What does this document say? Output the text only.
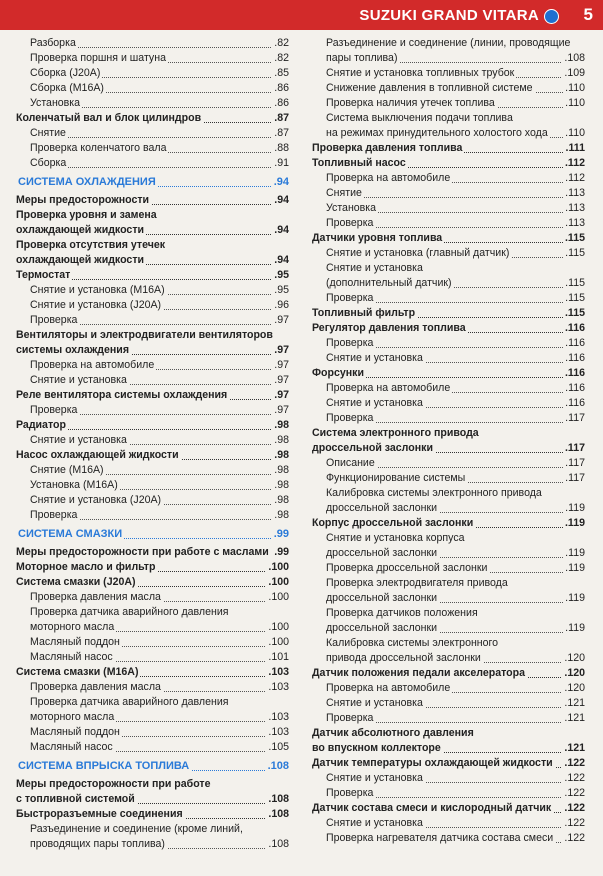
SUZUKI GRAND VITARA	5
Разборка	.82
Проверка поршня и шатуна	.82
Сборка (J20A)	.85
Сборка (M16A)	.86
Установка	.86
Коленчатый вал и блок цилиндров	.87
Снятие	.87
Проверка коленчатого вала	.88
Сборка	.91
СИСТЕМА ОХЛАЖДЕНИЯ	.94
Меры предосторожности	.94
Проверка уровня и замена
охлаждающей жидкости	.94
Проверка отсутствия утечек
охлаждающей жидкости	.94
Термостат	.95
Снятие и установка (M16A)	.95
Снятие и установка (J20A)	.96
Проверка	.97
Вентиляторы и электродвигатели вентиляторов
системы охлаждения	.97
Проверка на автомобиле	.97
Снятие и установка	.97
Реле вентилятора системы охлаждения	.97
Проверка	.97
Радиатор	.98
Снятие и установка	.98
Насос охлаждающей жидкости	.98
Снятие (M16A)	.98
Установка (M16A)	.98
Снятие и установка (J20A)	.98
Проверка	.98
СИСТЕМА СМАЗКИ	.99
Меры предосторожности при работе с маслами .99
Моторное масло и фильтр	.100
Система смазки (J20A)	.100
Проверка давления масла	.100
Проверка датчика аварийного давления
моторного масла	.100
Масляный поддон	.100
Масляный насос	.101
Система смазки (M16A)	.103
Проверка давления масла	.103
Проверка датчика аварийного давления
моторного масла	.103
Масляный поддон	.103
Масляный насос	.105
СИСТЕМА ВПРЫСКА ТОПЛИВА	.108
Меры предосторожности при работе
с топливной системой	.108
Быстроразъемные соединения	.108
Разъединение и соединение (кроме линий,
проводящих пары топлива)	.108
Разъединение и соединение (линии, проводящие
пары топлива)	.108
Снятие и установка топливных трубок	.109
Снижение давления в топливной системе	.110
Проверка наличия утечек топлива	.110
Система выключения подачи топлива
на режимах принудительного холостого хода .110
Проверка давления топлива	.111
Топливный насос	.112
Проверка на автомобиле	.112
Снятие	.113
Установка	.113
Проверка	.113
Датчики уровня топлива	.115
Снятие и установка (главный датчик)	.115
Снятие и установка
(дополнительный датчик)	.115
Проверка	.115
Топливный фильтр	.115
Регулятор давления топлива	.116
Проверка	.116
Снятие и установка	.116
Форсунки	.116
Проверка на автомобиле	.116
Снятие и установка	.116
Проверка	.117
Система электронного привода
дроссельной заслонки	.117
Описание	.117
Функционирование системы	.117
Калибровка системы электронного привода
дроссельной заслонки	.119
Корпус дроссельной заслонки	.119
Снятие и установка корпуса
дроссельной заслонки	.119
Проверка дроссельной заслонки	.119
Проверка электродвигателя привода
дроссельной заслонки	.119
Проверка датчиков положения
дроссельной заслонки	.119
Калибровка системы электронного
привода дроссельной заслонки	.120
Датчик положения педали акселератора	.120
Проверка на автомобиле	.120
Снятие и установка	.121
Проверка	.121
Датчик абсолютного давления
во впускном коллекторе	.121
Датчик температуры охлаждающей жидкости .122
Снятие и установка	.122
Проверка	.122
Датчик состава смеси и кислородный датчик .122
Снятие и установка	.122
Проверка нагревателя датчика состава смеси .122
